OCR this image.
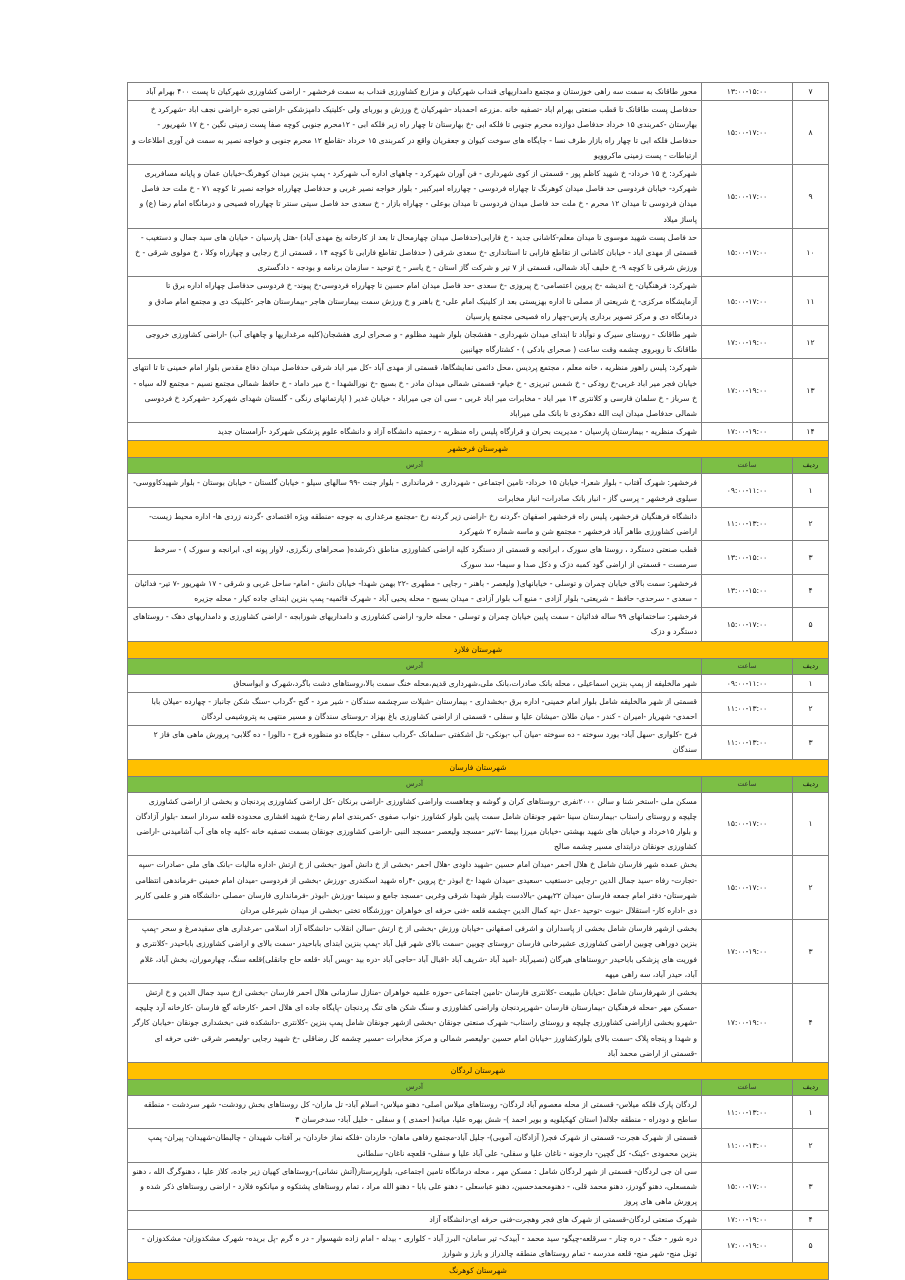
۷	۱۳:۰۰-۱۵:۰۰	محور طاقانک به سمت سه راهی خوزستان و مجتمع دامداریهای قنداب شهرکیان و مزارع کشاورزی قنداب به سمت فرخشهر - اراضی کشاورزی شهرکیان تا پست ۴۰۰ بهرام آباد
۸	۱۵:۰۰-۱۷:۰۰	حدفاصل پست طاقانک تا قطب صنعتی بهرام اباد -تصفیه خانه .مزرعه احمدباد -شهرکیان خ ورزش و بوربای ولی -کلینیک دامپزشکی -اراضی تجره -اراضی نجف اباد -شهرکرد خ بهارستان -کمربندی ۱۵ خرداد حدفاصل دوازده محرم جنوبی تا فلکه ابی -خ بهارستان تا چهار راه زیر فلکه ابی - ۱۲محرم جنوبی کوچه صفا پست زمینی نگین - خ ۱۷ شهریور - حدفاصل فلکه ابی تا چهار راه بازار طرف نسا - جایگاه های سوخت کیوان و جعفریان واقع در کمربندی ۱۵ خرداد -تقاطع ۱۲ محرم جنوبی و خواجه نصیر به سمت فن آوری اطلاعات و ارتباطات - پست زمینی ماکروویو
۹	۱۵:۰۰-۱۷:۰۰	شهرکرد: خ ۱۵ خرداد- خ شهید کاظم پور - قسمتی از کوی شهرداری - فن آوران شهرکرد - چاههای اداره آب شهرکرد - پمپ بنزین میدان کوهرنگ-خیابان عمان و پایانه مسافربری شهرکرد- خیابان فردوسی حد فاصل میدان کوهرنگ تا چهاراه فردوسی - چهارراه امیرکبیر - بلوار خواجه نصیر غربی و حدفاصل چهارراه خواجه نصیر تا کوچه ۷۱ - خ ملت حد فاصل میدان فردوسی تا میدان ۱۲ محرم - خ ملت حد فاصل میدان فردوسی تا میدان بوعلی - چهاراه بازار - خ سعدی حد فاصل سیتی سنتر تا چهارراه فصیحی و درمانگاه امام رضا (ع) و پاساژ میلاد
۱۰	۱۵:۰۰-۱۷:۰۰	حد فاصل پست شهید موسوی تا میدان معلم-کاشانی جدید - خ فارابی(حدفاصل میدان چهارمحال تا بعد از کارخانه یخ مهدی آباد) -هتل پارسیان - خیابان های سید جمال و دستغیب - قسمتی از مهدی اباد - خیابان کاشانی از تقاطع فارابی تا استانداری -خ سعدی شرقی ( حدفاصل تقاطع فارابی تا کوچه ۱۴ ، قسمتی از خ رجایی و چهارراه وکلا ، خ مولوی شرقی - خ ورزش شرقی تا کوچه ۹- خ خلیف آباد شمالی، قسمتی از ۷ تیر و شرکت گاز استان - خ یاسر - خ توحید - سازمان برنامه و بودجه - دادگستری
۱۱	۱۵:۰۰-۱۷:۰۰	شهرکرد: فرهنگیان- خ اندیشه -خ پروین اعتصامی- خ پیروزی -خ سعدی -حد فاصل میدان امام حسین تا چهارراه فردوسی-خ پیوند- خ فردوسی حدفاصل چهاراه اداره برق تا آزمایشگاه مرکزی- خ شریعتی از مصلی تا اداره بهزیستی بعد از کلینیک امام علی- خ باهنر و خ ورزش سمت بیمارستان هاجر -بیمارستان هاجر -کلینیک دی و مجتمع امام صادق و درمانگاه دی و مرکز تصویر برداری پارس-چهار راه فصیحی مجتمع پارسیان
۱۲	۱۷:۰۰-۱۹:۰۰	شهر طاقانک - روستای سیرک و نوآباد تا ابتدای میدان شهرداری - هفشجان بلوار شهید مظلوم - و صحرای لری هفشجان(کلیه مرغداریها و چاههای آب) -اراضی کشاورزی خروجی طاقانک تا روبروی چشمه وقت ساعت ( صحرای بادکی ) - کشتارگاه جهانبین
۱۳	۱۷:۰۰-۱۹:۰۰	شهرکرد: پلیس راهور منظریه ، خانه معلم ، مجتمع پردیس ،محل دائمی نمایشگاها، قسمتی از مهدی آباد -کل میر اباد شرقی حدفاصل میدان دفاع مقدس بلوار امام خمینی تا تا انتهای خیابان فجر میر اباد غربی-خ رودکی - خ شمس تبریزی - خ خیام- قسمتی شمالی میدان مادر - خ بسیج -خ نورالشهدا - خ میر داماد - خ حافظ شمالی مجتمع نسیم - مجتمع لاله سیاه - خ سرباز - خ سلمان فارسی و کلانتری ۱۳ میر اباد - مخابرات میر اباد غربی - سی ان جی میراباد - خیابان غدیر ( اپارتمانهای رنگی - گلستان شهدای شهرکرد -شهرکرد خ فردوسی شمالی حدفاصل میدان ایت الله دهکردی تا بانک ملی میراباد
۱۴	۱۷:۰۰-۱۹:۰۰	شهرک منظریه - بیمارستان پارسیان - مدیریت بحران و قرارگاه پلیس راه منظریه - رحمتیه دانشگاه آزاد و دانشگاه علوم پزشکی شهرکرد -آرامستان جدید
شهرستان فرخشهر		
ردیف	ساعت	آدرس
۱	۰۹:۰۰-۱۱:۰۰	فرخشهر: شهرک آفتاب - بلوار شعرا- خیابان ۱۵ خرداد- تامین اجتماعی - شهرداری - فرمانداری - بلوار جنت -۹۹ سالهای سیلو - خیابان گلستان - خیابان بوستان - بلوار شهیدکاووسی- سیلوی فرخشهر - پرسی گاز - انبار بانک صادرات- انبار مخابرات
۲	۱۱:۰۰-۱۳:۰۰	دانشگاه فرهنگیان فرخشهر، پلیس راه فرخشهر اصفهان -گردنه رخ -اراضی زیر گردنه رخ -مجتمع مرغداری به جوجه -منطقه ویژه اقتصادی -گردنه زردی ها- اداره محیط زیست- اراضی کشاورزی طاهر آباد فرخشهر - مجتمع شن و ماسه شماره ۲ شهرکرد
۳	۱۳:۰۰-۱۵:۰۰	قطب صنعتی دستگرد ، روستا های سورک ، ابرانجه و قسمتی از دستگرد کلیه اراضی کشاورزی مناطق ذکرشده( صحراهای رنگرزی، لاوار پونه ای، ابرانجه و سورک ) - سرخط سرمست - قسمتی از اراضی گود کمبه دزک و دکل صدا و سیما- سد سورک
۴	۱۳:۰۰-۱۵:۰۰	فرخشهر: سمت بالای خیابان چمران و توسلی - خیابانهای( ولیعصر - باهنر - رجایی - مطهری -۲۲ بهمن شهدا- خیابان دانش - امام- ساحل غربی و شرقی - ۱۷ شهریور -۷ تیر- فدائیان - سعدی - سرحدی- حافظ - شریعتی- بلوار آزادی - منبع آب بلوار آزادی - میدان بسیج - محله یحیی آباد - شهرک قائمیه- پمپ بنزین ابتدای جاده کیار - محله جزیره
۵	۱۵:۰۰-۱۷:۰۰	فرخشهر: ساختمانهای ۹۹ ساله فدائیان - سمت پایین خیابان چمران و توسلی - محله خارو- اراضی کشاورزی و دامداریهای شورابجه - اراضی کشاورزی و دامداریهای دهک - روستاهای دستگرد و دزک
شهرستان فلارد		
ردیف	ساعت	آدرس
۱	۰۹:۰۰-۱۱:۰۰	شهر مالخلیفه از پمپ بنزین اسماعیلی ، محله بانک صادرات،بانک ملی،شهرداری قدیم،محله خنگ سمت بالا،روستاهای دشت باگرد،شهرک و ابواسحاق
۲	۱۱:۰۰-۱۳:۰۰	قسمتی از شهر مالخلیفه شامل بلوار امام خمینی- اداره برق -بخشداری - بیمارستان -شیلات سرچشمه سندگان - شیر مرد - گنج -گرداب -سنگ شکن جانباز - چهارده -میلان بابا احمدی- شهریار -امیران - کندر - میان طلان -میشان علیا و سفلی - قسمتی از اراضی کشاورزی باغ بهزاد -روستای سندگان و مسیر منتهی به پتروشیمی لردگان
۳	۱۱:۰۰-۱۳:۰۰	فرح -کلواری -سهل آباد- بورد سوخته - ده سوخته -میان آب -بونکی- تل اشکفتی -سلمانک -گرداب سفلی - جایگاه دو منظوره فرح - دالورا - ده گلابی- پرورش ماهی های فاز ۲ سندگان
شهرستان فارسان		
ردیف	ساعت	آدرس
۱	۱۵:۰۰-۱۷:۰۰	مسکن ملی -استخر شنا و سالن ۲۰۰۰نفری -روستاهای کران و گوشه و چغاهست واراضی کشاورزی -اراضی برنکان -کل اراضی کشاورزی پردنجان و بخشی از اراضی کشاورزی چلیچه و روستای راستاب -بیمارستان سینا -شهر جونقان شامل سمت پایین بلوار کشاورز -نواب صفوی -کمربندی امام رضا-خ شهید افشاری محدوده قلعه سردار اسعد -بلوار آزادگان و بلوار ۱۵خرداد و خیابان های شهید بهشتی -خیابان میرزا بیضا -۷تیر -مسجد ولیعصر -مسجد النبی -اراضی کشاورزی جونقان بسمت تصفیه خانه -کلیه چاه های آب آشامیدنی -اراضی کشاورزی جونقان درابتدای مسیر چشمه صالح
۲	۱۵:۰۰-۱۷:۰۰	بخش عمده شهر فارسان شامل خ هلال احمر -میدان امام حسین -شهید داودی -هلال احمر -بخشی از خ دانش آموز -بخشی از خ ارتش -اداره مالیات -بانک های ملی -صادرات -سپه -تجارت- رفاه -سید جمال الدین -رجایی -دستغیب -سعیدی -میدان شهدا -خ ابوذر -خ پروین -۴راه شهید اسکندری -ورزش -بخشی از فردوسی -میدان امام خمینی -فرماندهی انتظامی شهرستان- دفتر امام جمعه فارسان -میدان ۲۲بهمن -بالادست بلوار شهدا شرقی وغربی -مسجد جامع و سینما -ورزش -ابوذر -فرمانداری فارسان -مصلی -دانشگاه هنر و علمی کاربر دی -اداره کار- استقلال -نبوت -توحید -عدل -تپه کمال الدین -چشمه قلعه -فنی حرفه ای خواهران -ورزشگاه تختی -بخشی از میدان شیرعلی مردان
۳	۱۷:۰۰-۱۹:۰۰	بخشی ازشهر فارسان شامل بخشی از پاسداران و اشرفی اصفهانی -خیابان ورزش -بخشی از خ ارتش -سالن انقلاب -دانشگاه آزاد اسلامی -مرغداری های سفیدمرغ و سحر -پمپ بنزین دوراهی چوبین اراضی کشاورزی عشیرخانی فارسان -روستای چوبین -سمت بالای شهر قیل آباد -پمپ بنزین ابتدای باباحیدر -سمت بالای و اراضی کشاورزی باباحیدر -کلانتری و فوریت های پزشکی باباحیدر -روستاهای هیرگان (نصیرآباد -امید آباد -شریف آباد -اقبال آباد -حاجی آباد -دره بید -ویس آباد -قلعه حاج جانقلی)قلعه سنگ، چهارموران، بخش آباد، غلام آباد، حیدر آباد، سه راهی میهه
۴	۱۷:۰۰-۱۹:۰۰	بخشی از شهرفارسان شامل :خیابان طبیعت -کلانتری فارسان -تامین اجتماعی -حوزه علمیه خواهران -منازل سازمانی هلال احمر فارسان -بخشی ازخ سید جمال الدین و خ ارتش -مسکن مهر -محله فرهنگیان -بیمارستان فارسان -شهرپردنجان واراضی کشاورزی و سنگ شکن های تنگ پردنجان -پایگاه جاده ای هلال احمر -کارخانه گچ فارسان -کارخانه آرد چلیچه -شهرو بخشی ازاراضی کشاورزی چلیچه و روستای راستاب- شهرک صنعتی جونقان -بخشی ازشهر جونقان شامل پمپ بنزین -کلانتری -دانشکده فنی -بخشداری جونقان -خیابان کارگر و شهدا و پنجاه پلاک -سمت بالای بلوارکشاورز -خیابان امام حسین -ولیعصر شمالی و مرکز مخابرات -مسیر چشمه کل رضاقلی -خ شهید رجایی -ولیعصر شرقی -فنی حرفه ای -قسمتی از اراضی محمد آباد
شهرستان لردگان		
ردیف	ساعت	آدرس
۱	۱۱:۰۰-۱۳:۰۰	لردگان پارک فلکه میلاس- قسمتی از محله معصوم آباد لردگان- روستاهای میلاس اصلی- دهنو میلاس- اسلام آباد- تل ماران- کل روستاهای بخش رودشت- شهر سردشت - منطقه ساطح و دودراه - منطقه جلاله( استان کهکیلویه و بویر احمد )- شش بهره علیا، میانه( احمدی ) و سفلی - خلیل آباد- سدخرسان ۳
۲	۱۱:۰۰-۱۳:۰۰	قسمتی از شهرک هجرت- قسمتی از شهرک فجر( آزادگان، آموبی)- جلیل آباد-مجتمع رفاهی ماهان- خاردان -فلکه نماز خاردان- بر آفتاب شهیدان - چالبطان-شهیدان- پیران- پمپ بنزین محمودی -کینک- کل گچین- دارجونه - ناغان علیا و سفلی- علی آباد علیا و سفلی- قلعچه ناغان- سلطانی
۳	۱۵:۰۰-۱۷:۰۰	سی ان جی لردگان- قسمتی از شهر لردگان شامل : مسکن مهر ، محله درمانگاه تامین اجتماعی، بلوارپرستار(آتش نشانی)-روستاهای کهیان زیر جاده، کلاز علیا ، دهنوگرگ الله ، دهنو شمسعلی، دهنو گودرز، دهنو محمد قلی، - دهنومحمدحسین، دهنو عباسعلی - دهنو علی بابا - دهنو الله مراد ، تمام روستاهای پشتکوه و میانکوه فلارد - اراضی روستاهای ذکر شده و پرورش ماهی های پروز
۴	۱۷:۰۰-۱۹:۰۰	شهرک صنعتی لردگان-قسمتی از شهرک های فجر وهجرت-فنی حرفه ای-دانشگاه آزاد
۵	۱۷:۰۰-۱۹:۰۰	دره شور - خنگ - دره چنار - سرقلعه-چیگو- سید محمد - آبیدک- تیر سامان- البرز آباد - کلواری - بیدله - امام زاده شهسوار - در ه گرم -پل بریده- شهرک مشکدوزان- مشکدوزان - تونل منج- شهر منج- قلعه مدرسه - تمام روستاهای منطقه چالدراز و بارز و شوارز
شهرستان کوهرنگ		
